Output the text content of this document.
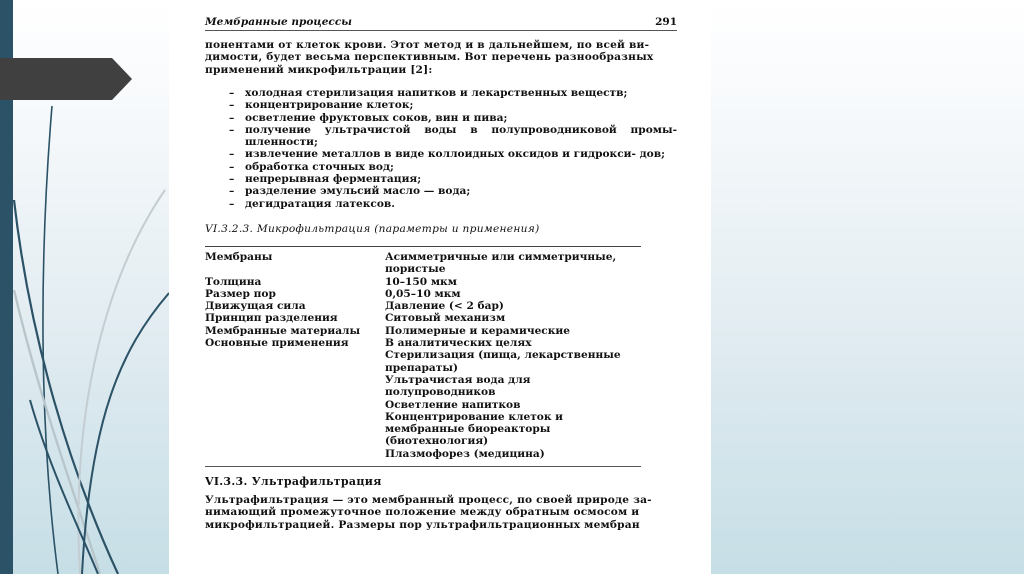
Мембранные процессы	291
понентами от клеток крови. Этот метод и в дальнейшем, по всей ви-
димости, будет весьма перспективным. Вот перечень разнообразных
применений микрофильтрации [2]:
– холодная стерилизация напитков и лекарственных веществ;
– концентрирование клеток;
– осветление фруктовых соков, вин и пива;
– получение ультрачистой воды в полупроводниковой промы- шленности;
– извлечение металлов в виде коллоидных оксидов и гидрокси- дов;
– обработка сточных вод;
– непрерывная ферментация;
– разделение эмульсий масло — вода;
– дегидратация латексов.
VI.3.2.3. Микрофильтрация (параметры и применения)
Мембраны	Асимметричные или симметричные,
пористые
Толщина	10–150 мкм
Размер пор	0,05–10 мкм
Движущая сила	Давление (< 2 бар)
Принцип разделения	Ситовый механизм
Мембранные материалы	Полимерные и керамические
Основные применения	В аналитических целях
Стерилизация (пища, лекарственные
препараты)
Ультрачистая вода для
полупроводников
Осветление напитков
Концентрирование клеток и
мембранные биореакторы
(биотехнология)
Плазмофорез (медицина)
VI.3.3. Ультрафильтрация
Ультрафильтрация — это мембранный процесс, по своей природе за-
нимающий промежуточное положение между обратным осмосом и
микрофильтрацией. Размеры пор ультрафильтрационных мембран
